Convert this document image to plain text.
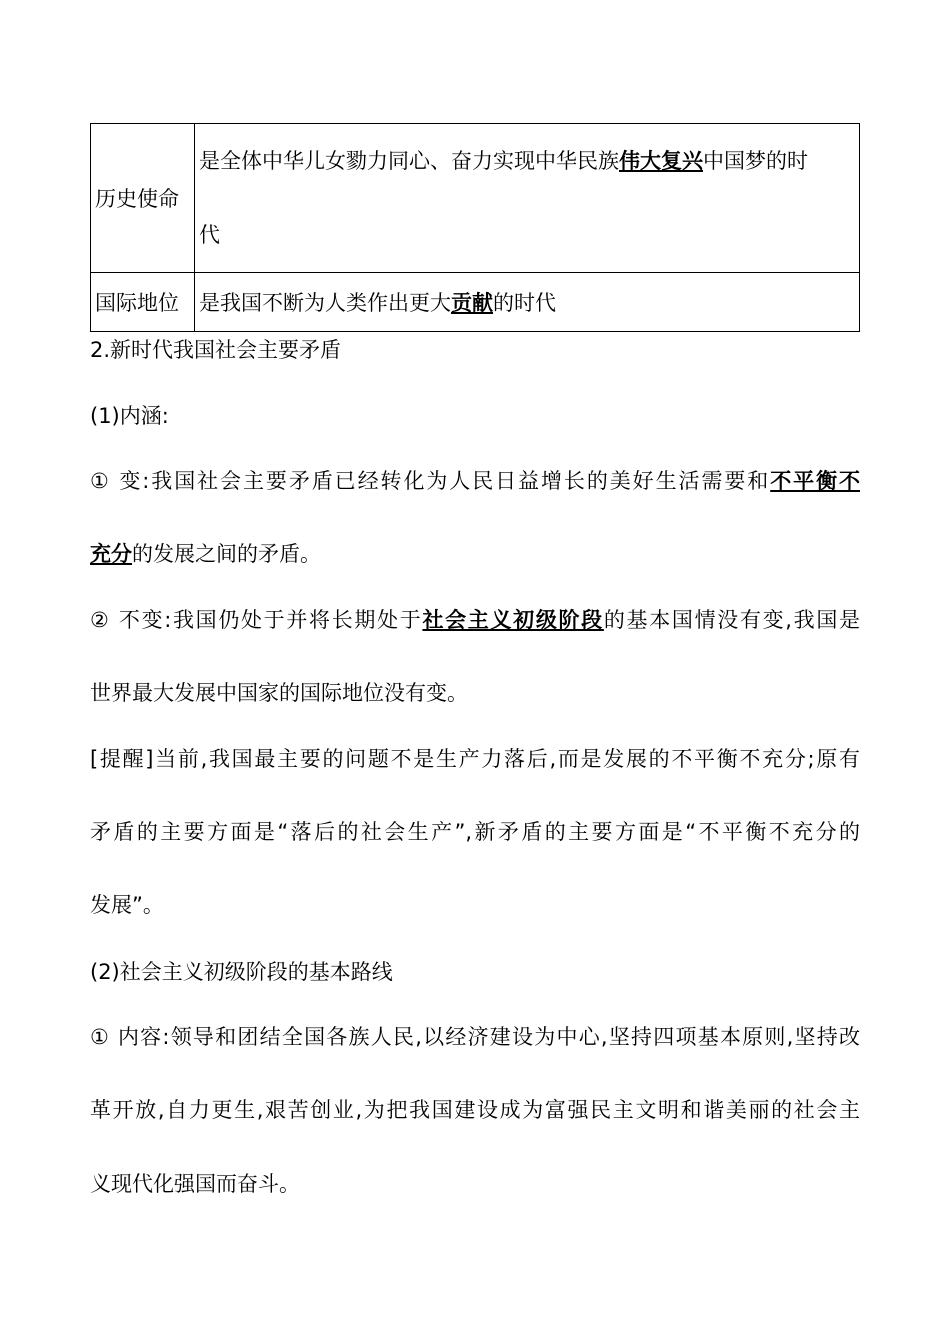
历史使命	是全体中华儿女勠力同心、奋力实现中华民族伟大复兴中国梦的时
代

国际地位	是我国不断为人类作出更大贡献的时代

2.新时代我国社会主要矛盾

(1)内涵:

① 变:我国社会主要矛盾已经转化为人民日益增长的美好生活需要和不平衡不

充分的发展之间的矛盾。

② 不变:我国仍处于并将长期处于社会主义初级阶段的基本国情没有变,我国是

世界最大发展中国家的国际地位没有变。

[提醒]当前,我国最主要的问题不是生产力落后,而是发展的不平衡不充分;原有

矛盾的主要方面是“落后的社会生产”,新矛盾的主要方面是“不平衡不充分的

发展”。

(2)社会主义初级阶段的基本路线

① 内容:领导和团结全国各族人民,以经济建设为中心,坚持四项基本原则,坚持改

革开放,自力更生,艰苦创业,为把我国建设成为富强民主文明和谐美丽的社会主

义现代化强国而奋斗。
